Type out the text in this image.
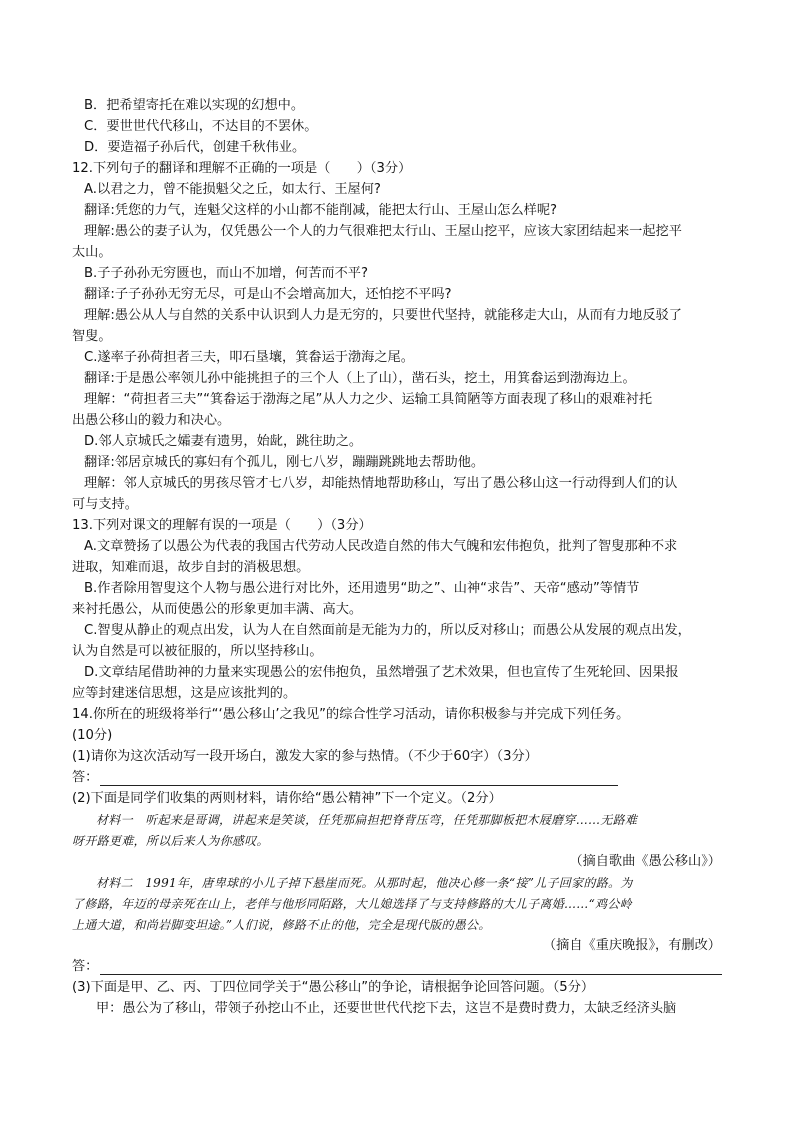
B．把希望寄托在难以实现的幻想中。
C．要世世代代移山，不达目的不罢休。
D．要造福子孙后代，创建千秋伟业。
12.下列句子的翻译和理解不正确的一项是（　　）（3分）
A.以君之力，曾不能损魁父之丘，如太行、王屋何?
翻译:凭您的力气，连魁父这样的小山都不能削减，能把太行山、王屋山怎么样呢?
理解:愚公的妻子认为，仅凭愚公一个人的力气很难把太行山、王屋山挖平，应该大家团结起来一起挖平
太山。
B.子子孙孙无穷匮也，而山不加增，何苦而不平?
翻译:子子孙孙无穷无尽，可是山不会增高加大，还怕挖不平吗?
理解:愚公从人与自然的关系中认识到人力是无穷的，只要世代坚持，就能移走大山，从而有力地反驳了
智叟。
C.遂率子孙荷担者三夫，叩石垦壤，箕畚运于渤海之尾。
翻译:于是愚公率领儿孙中能挑担子的三个人（上了山），凿石头，挖土，用箕畚运到渤海边上。
理解：“荷担者三夫”“箕畚运于渤海之尾”从人力之少、运输工具简陋等方面表现了移山的艰难衬托
出愚公移山的毅力和决心。
D.邻人京城氏之孀妻有遗男，始龀，跳往助之。
翻译:邻居京城氏的寡妇有个孤儿，刚七八岁，蹦蹦跳跳地去帮助他。
理解：邻人京城氏的男孩尽管才七八岁，却能热情地帮助移山，写出了愚公移山这一行动得到人们的认
可与支持。
13.下列对课文的理解有误的一项是（　　）（3分）
A.文章赞扬了以愚公为代表的我国古代劳动人民改造自然的伟大气魄和宏伟抱负，批判了智叟那种不求
进取，知难而退，故步自封的消极思想。
B.作者除用智叟这个人物与愚公进行对比外，还用遗男“助之”、山神“求告”、天帝“感动”等情节
来衬托愚公，从而使愚公的形象更加丰满、高大。
C.智叟从静止的观点出发，认为人在自然面前是无能为力的，所以反对移山；而愚公从发展的观点出发，
认为自然是可以被征服的，所以坚持移山。
D.文章结尾借助神的力量来实现愚公的宏伟抱负，虽然增强了艺术效果，但也宣传了生死轮回、因果报
应等封建迷信思想，这是应该批判的。
14.你所在的班级将举行“‘愚公移山’之我见”的综合性学习活动，请你积极参与并完成下列任务。
(10分)
(1)请你为这次活动写一段开场白，激发大家的参与热情。（不少于60字）（3分）
答：
(2)下面是同学们收集的两则材料，请你给“愚公精神”下一个定义。（2分）
材料一　听起来是哥调，讲起来是笑谈，任凭那扁担把脊背压弯，任凭那脚板把木屐磨穿……无路难
呀开路更难，所以后来人为你感叹。
（摘自歌曲《愚公移山》）
材料二　1991年，唐卑球的小儿子掉下悬崖而死。从那时起，他决心修一条“接”儿子回家的路。为
了修路，年迈的母亲死在山上，老伴与他形同陌路，大儿媳选择了与支持修路的大儿子离婚……“鸡公岭
上通大道，和尚岩脚变坦途。”人们说，修路不止的他，完全是现代版的愚公。
（摘自《重庆晚报》，有删改）
答：
(3)下面是甲、乙、丙、丁四位同学关于“愚公移山”的争论，请根据争论回答问题。（5分）
甲：愚公为了移山，带领子孙挖山不止，还要世世代代挖下去，这岂不是费时费力，太缺乏经济头脑
